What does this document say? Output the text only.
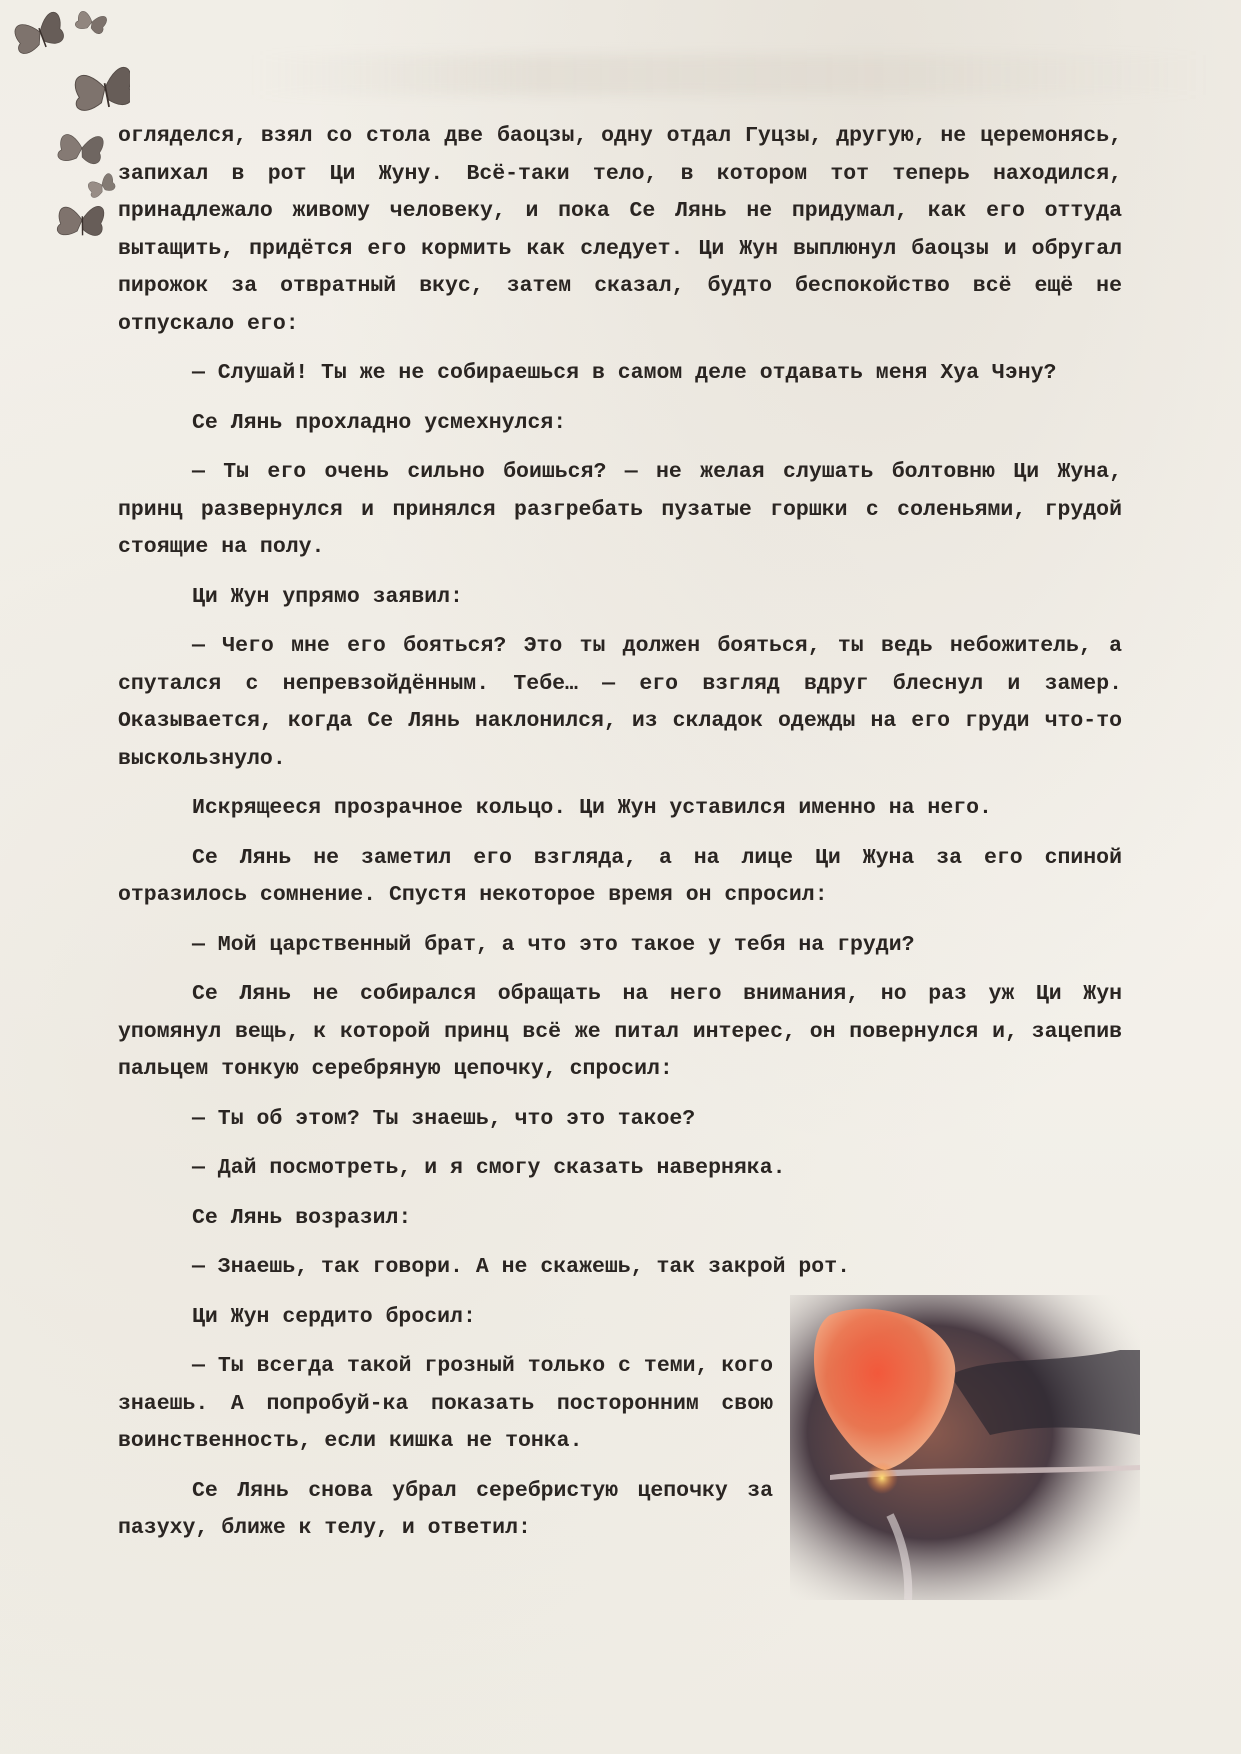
огляделся, взял со стола две баоцзы, одну отдал Гуцзы, другую, не церемонясь, запихал в рот Ци Жуну. Всё-таки тело, в котором тот теперь находился, принадлежало живому человеку, и пока Се Лянь не придумал, как его оттуда вытащить, придётся его кормить как следует. Ци Жун выплюнул баоцзы и обругал пирожок за отвратный вкус, затем сказал, будто беспокойство всё ещё не отпускало его:

— Слушай! Ты же не собираешься в самом деле отдавать меня Хуа Чэну?

Се Лянь прохладно усмехнулся:

— Ты его очень сильно боишься? — не желая слушать болтовню Ци Жуна, принц развернулся и принялся разгребать пузатые горшки с соленьями, грудой стоящие на полу.

Ци Жун упрямо заявил:

— Чего мне его бояться? Это ты должен бояться, ты ведь небожитель, а спутался с непревзойдённым. Тебе… — его взгляд вдруг блеснул и замер. Оказывается, когда Се Лянь наклонился, из складок одежды на его груди что-то выскользнуло.

Искрящееся прозрачное кольцо. Ци Жун уставился именно на него.

Се Лянь не заметил его взгляда, а на лице Ци Жуна за его спиной отразилось сомнение. Спустя некоторое время он спросил:

— Мой царственный брат, а что это такое у тебя на груди?

Се Лянь не собирался обращать на него внимания, но раз уж Ци Жун упомянул вещь, к которой принц всё же питал интерес, он повернулся и, зацепив пальцем тонкую серебряную цепочку, спросил:

— Ты об этом? Ты знаешь, что это такое?

— Дай посмотреть, и я смогу сказать наверняка.

Се Лянь возразил:

— Знаешь, так говори. А не скажешь, так закрой рот.

Ци Жун сердито бросил:

— Ты всегда такой грозный только с теми, кого знаешь. А попробуй-ка показать посторонним свою воинственность, если кишка не тонка.

Се Лянь снова убрал серебристую цепочку за пазуху, ближе к телу, и ответил:
